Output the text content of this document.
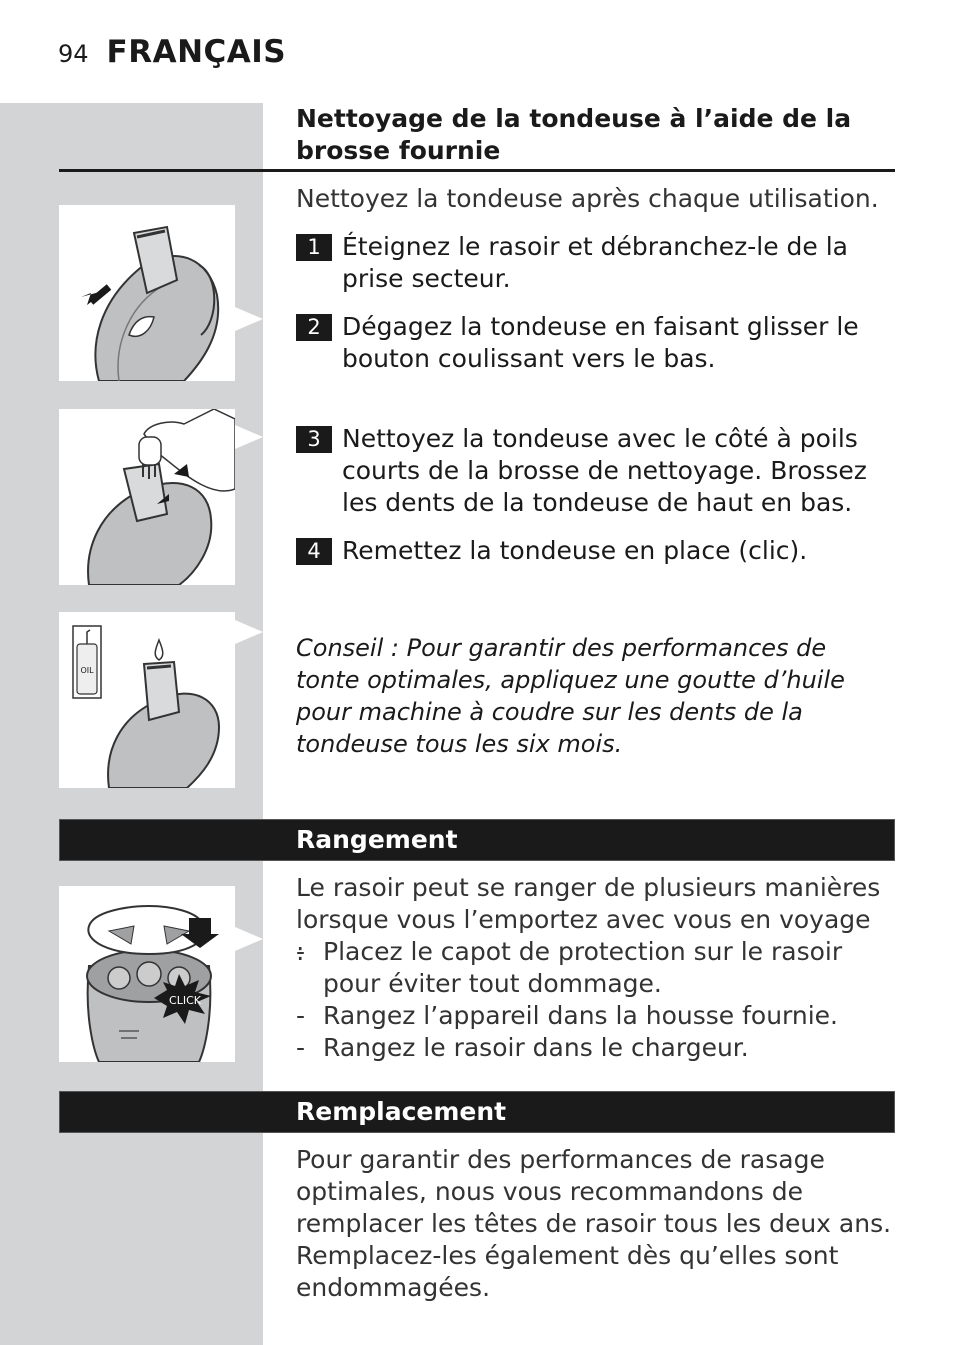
94 FRANÇAIS
Nettoyage de la tondeuse à l’aide de la brosse fournie
Nettoyez la tondeuse après chaque utilisation.
1 Éteignez le rasoir et débranchez-le de la prise secteur.
2 Dégagez la tondeuse en faisant glisser le bouton coulissant vers le bas.
3 Nettoyez la tondeuse avec le côté à poils courts de la brosse de nettoyage. Brossez les dents de la tondeuse de haut en bas.
4 Remettez la tondeuse en place (clic).
Conseil : Pour garantir des performances de tonte optimales, appliquez une goutte d’huile pour machine à coudre sur les dents de la tondeuse tous les six mois.
OIL
Rangement
Le rasoir peut se ranger de plusieurs manières lorsque vous l’emportez avec vous en voyage :
- Placez le capot de protection sur le rasoir pour éviter tout dommage.
- Rangez l’appareil dans la housse fournie.
- Rangez le rasoir dans le chargeur.
CLICK
Remplacement
Pour garantir des performances de rasage optimales, nous vous recommandons de remplacer les têtes de rasoir tous les deux ans. Remplacez-les également dès qu’elles sont endommagées.
